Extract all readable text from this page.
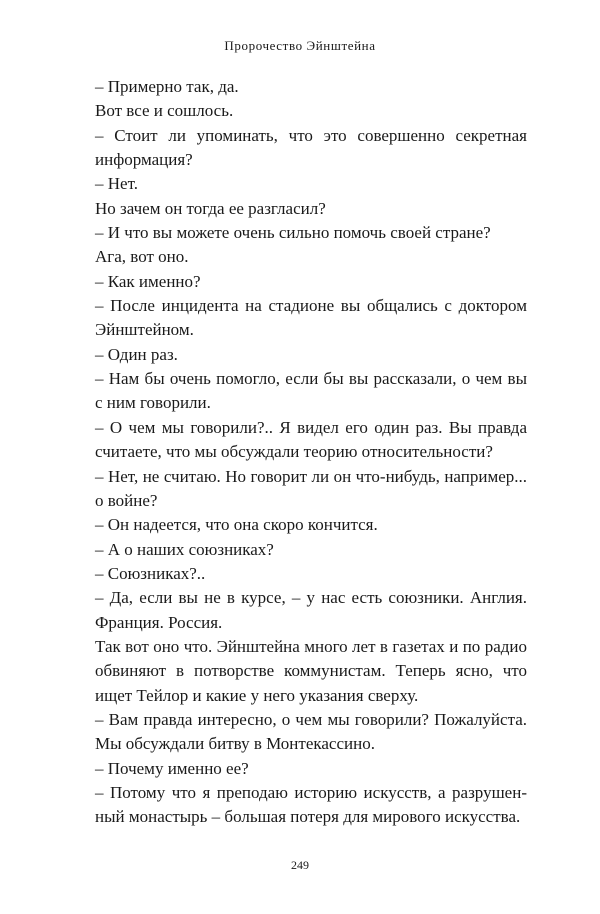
Пророчество Эйнштейна

– Примерно так, да.

Вот все и сошлось.

– Стоит ли упоминать, что это совершенно секретная информация?

– Нет.

Но зачем он тогда ее разгласил?

– И что вы можете очень сильно помочь своей стране?

Ага, вот оно.

– Как именно?

– После инцидента на стадионе вы общались с доктором Эйнштейном.

– Один раз.

– Нам бы очень помогло, если бы вы рассказали, о чем вы с ним говорили.

– О чем мы говорили?.. Я видел его один раз. Вы правда считаете, что мы обсуждали теорию относительности?

– Нет, не считаю. Но говорит ли он что-нибудь, например... о войне?

– Он надеется, что она скоро кончится.

– А о наших союзниках?

– Союзниках?..

– Да, если вы не в курсе, – у нас есть союзники. Англия. Франция. Россия.

Так вот оно что. Эйнштейна много лет в газетах и по радио обвиняют в потворстве коммунистам. Теперь ясно, что ищет Тейлор и какие у него указания сверху.

– Вам правда интересно, о чем мы говорили? Пожалуйста. Мы обсуждали битву в Монтекассино.

– Почему именно ее?

– Потому что я преподаю историю искусств, а разрушенный монастырь – большая потеря для мирового искусства.

249
